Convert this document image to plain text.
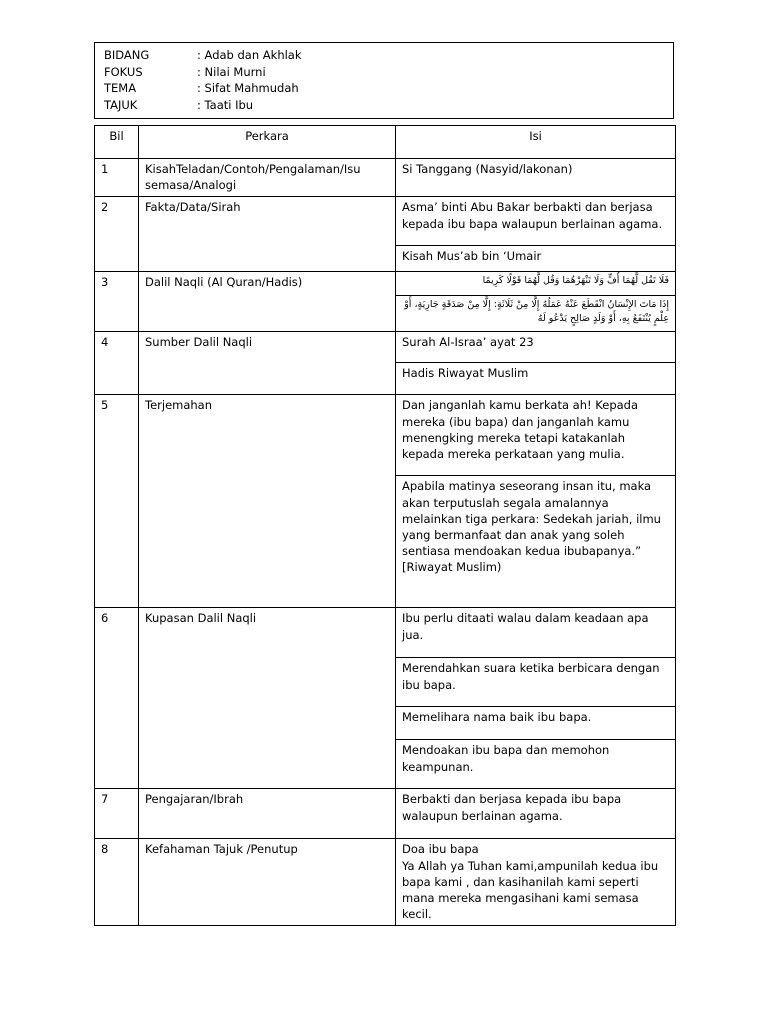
BIDANG	: Adab dan Akhlak
FOKUS	: Nilai Murni
TEMA	: Sifat Mahmudah
TAJUK	: Taati Ibu
Bil	Perkara	Isi
1	KisahTeladan/Contoh/Pengalaman/Isu semasa/Analogi	Si Tanggang (Nasyid/lakonan)
2	Fakta/Data/Sirah	Asma’ binti Abu Bakar berbakti dan berjasa kepada ibu bapa walaupun berlainan agama.
		Kisah Mus’ab bin ‘Umair
3	Dalil Naqli (Al Quran/Hadis)	فَلَا تَقُل لَّهُمَا أُفٍّ وَلَا تَنْهَرْهُمَا وَقُل لَّهُمَا قَوْلًا كَرِيمًا
		إِذَا مَاتَ الإِنْسَانُ انْقَطَعَ عَنْهُ عَمَلُهُ إِلَّا مِنْ ثَلَاثَةٍ: إِلَّا مِنْ صَدَقَةٍ جَارِيَةٍ، أَوْ عِلْمٍ يُنْتَفَعُ بِهِ، أَوْ وَلَدٍ صَالِحٍ يَدْعُو لَهُ
4	Sumber Dalil Naqli	Surah Al-Israa’ ayat 23
		Hadis Riwayat Muslim
5	Terjemahan	Dan janganlah kamu berkata ah! Kepada mereka (ibu bapa) dan janganlah kamu menengking mereka tetapi katakanlah kepada mereka perkataan yang mulia.
		Apabila matinya seseorang insan itu, maka akan terputuslah segala amalannya melainkan tiga perkara: Sedekah jariah, ilmu yang bermanfaat dan anak yang soleh sentiasa mendoakan kedua ibubapanya.” [Riwayat Muslim)
6	Kupasan Dalil Naqli	Ibu perlu ditaati walau dalam keadaan apa jua.
		Merendahkan suara ketika berbicara dengan ibu bapa.
		Memelihara nama baik ibu bapa.
		Mendoakan ibu bapa dan memohon keampunan.
7	Pengajaran/Ibrah	Berbakti dan berjasa kepada ibu bapa walaupun berlainan agama.
8	Kefahaman Tajuk /Penutup	Doa ibu bapa
Ya Allah ya Tuhan kami,ampunilah kedua ibu bapa kami , dan kasihanilah kami seperti mana mereka mengasihani kami semasa kecil.
